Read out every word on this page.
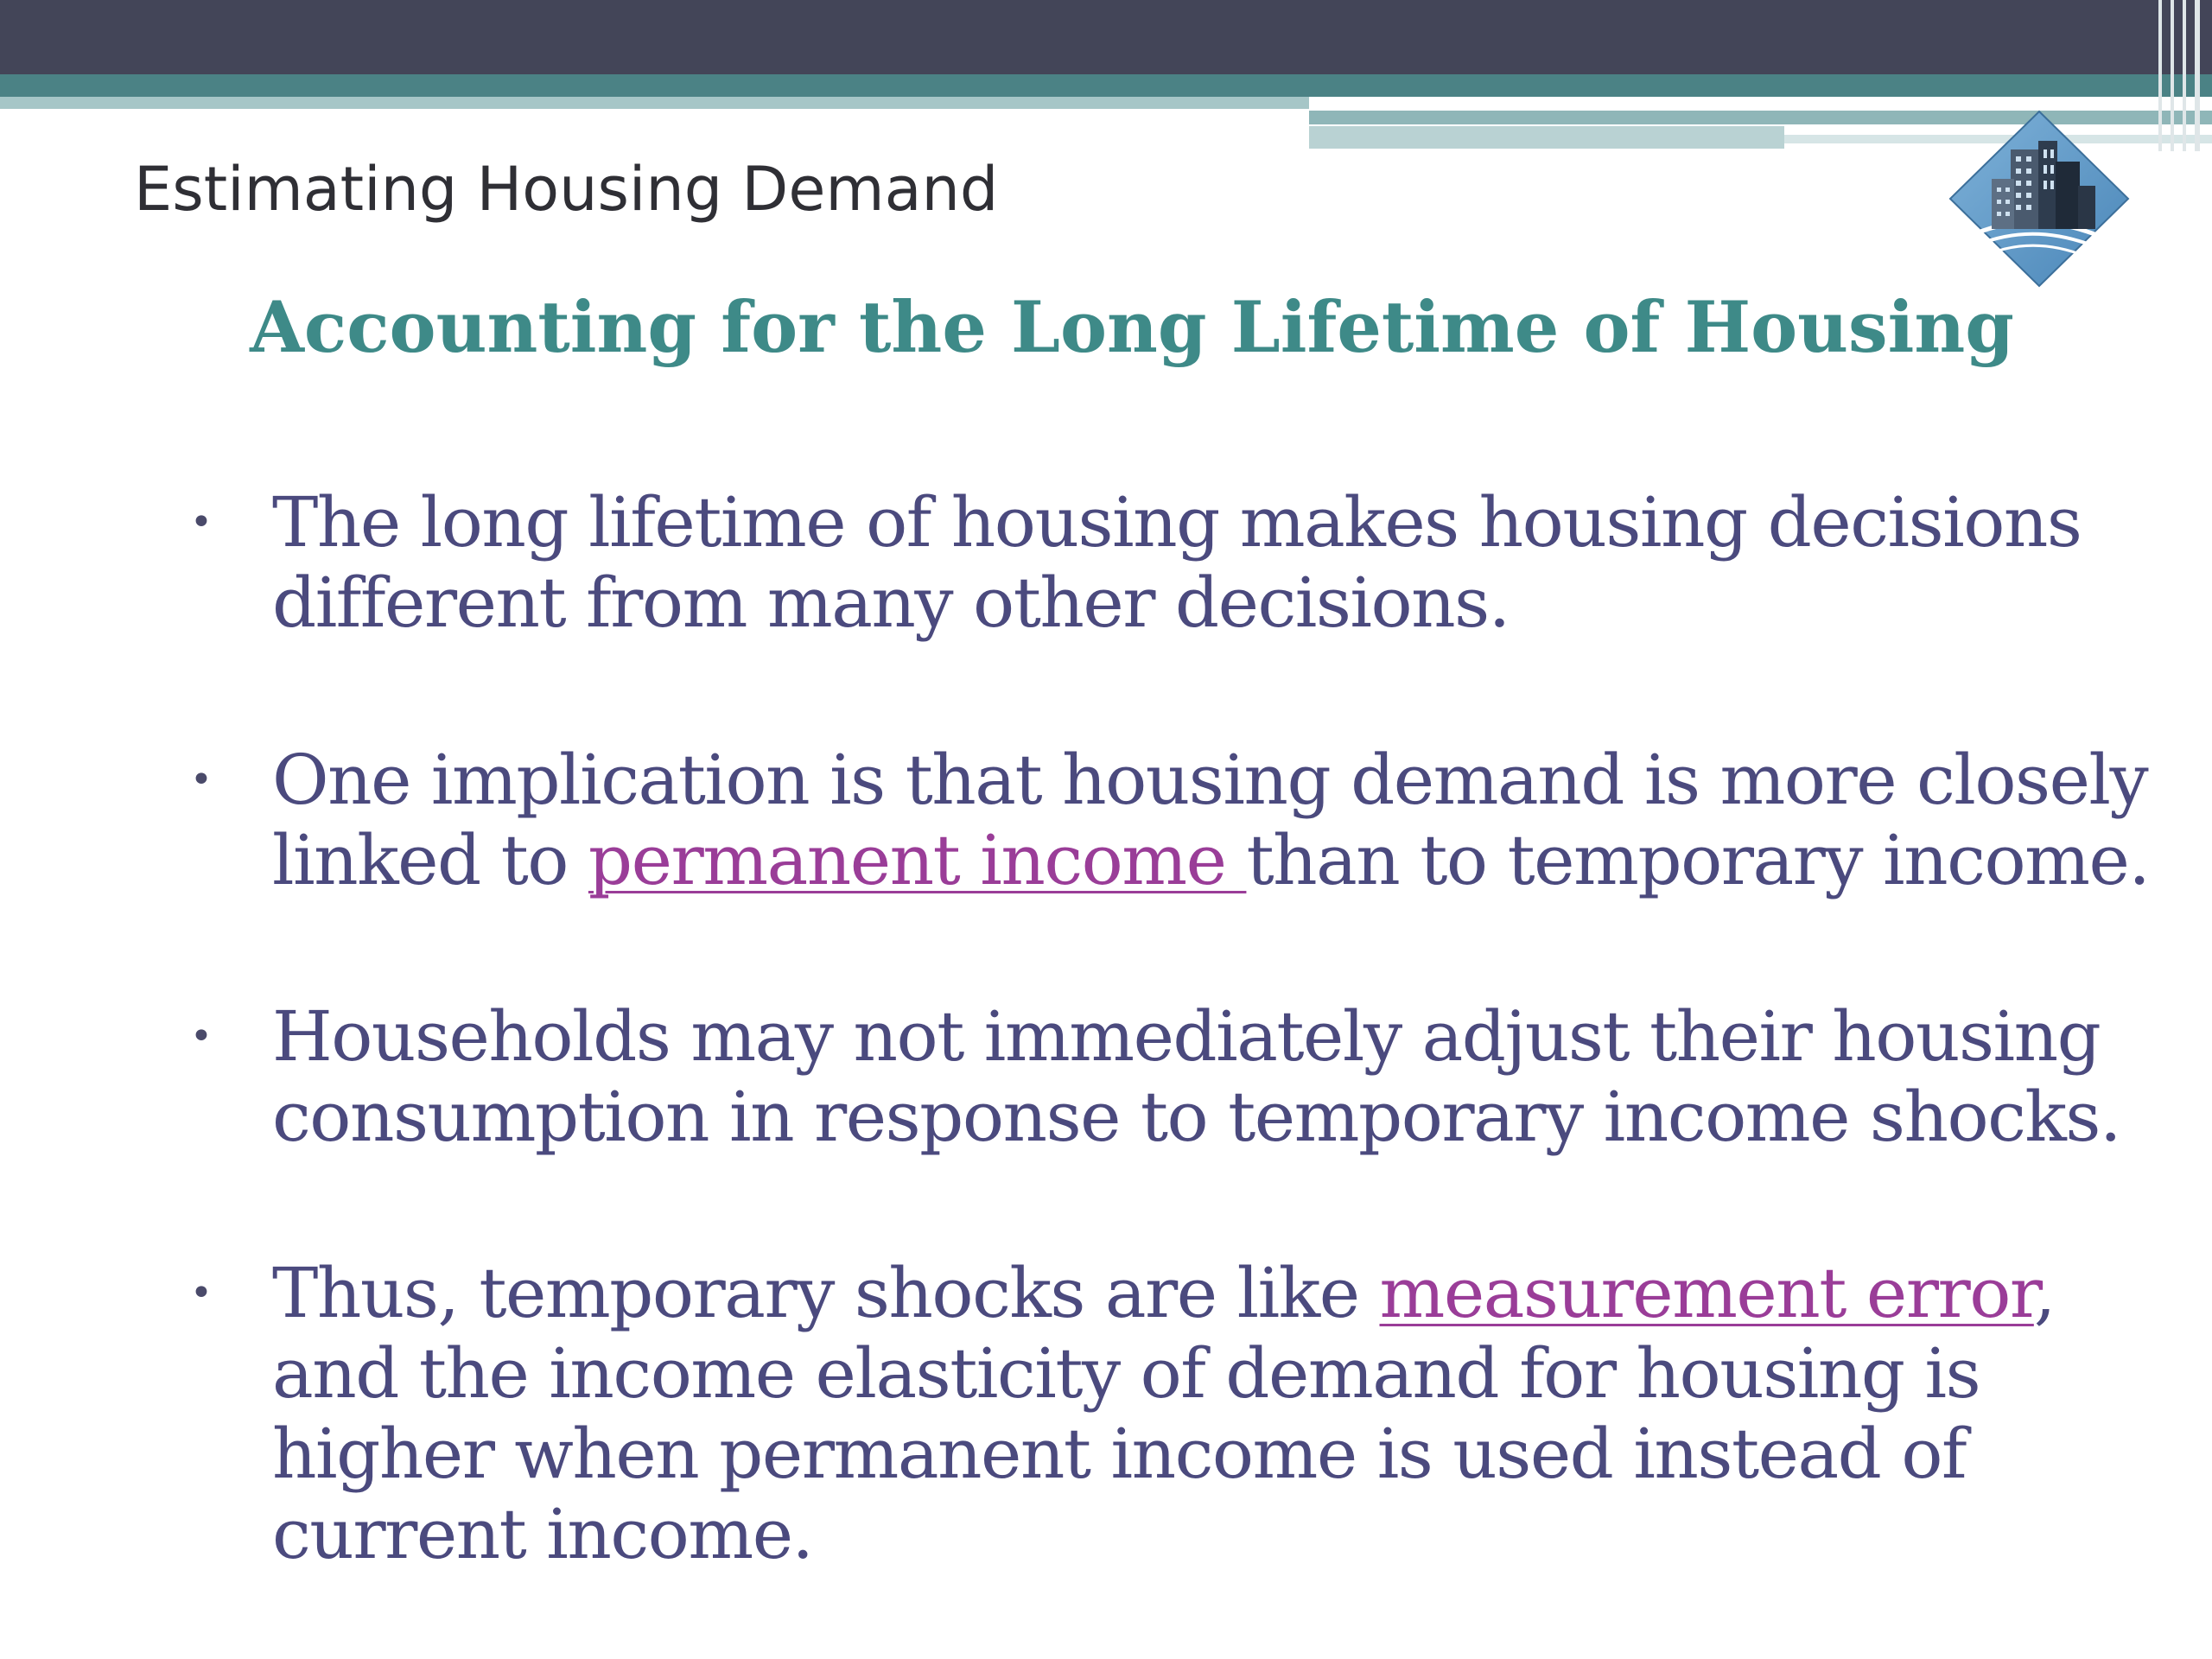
Estimating Housing Demand
Accounting for the Long Lifetime of Housing
• The long lifetime of housing makes housing decisions
different from many other decisions.
• One implication is that housing demand is more closely
linked to permanent income than to temporary income.
• Households may not immediately adjust their housing
consumption in response to temporary income shocks.
• Thus, temporary shocks are like measurement error,
and the income elasticity of demand for housing is
higher when permanent income is used instead of
current income.
